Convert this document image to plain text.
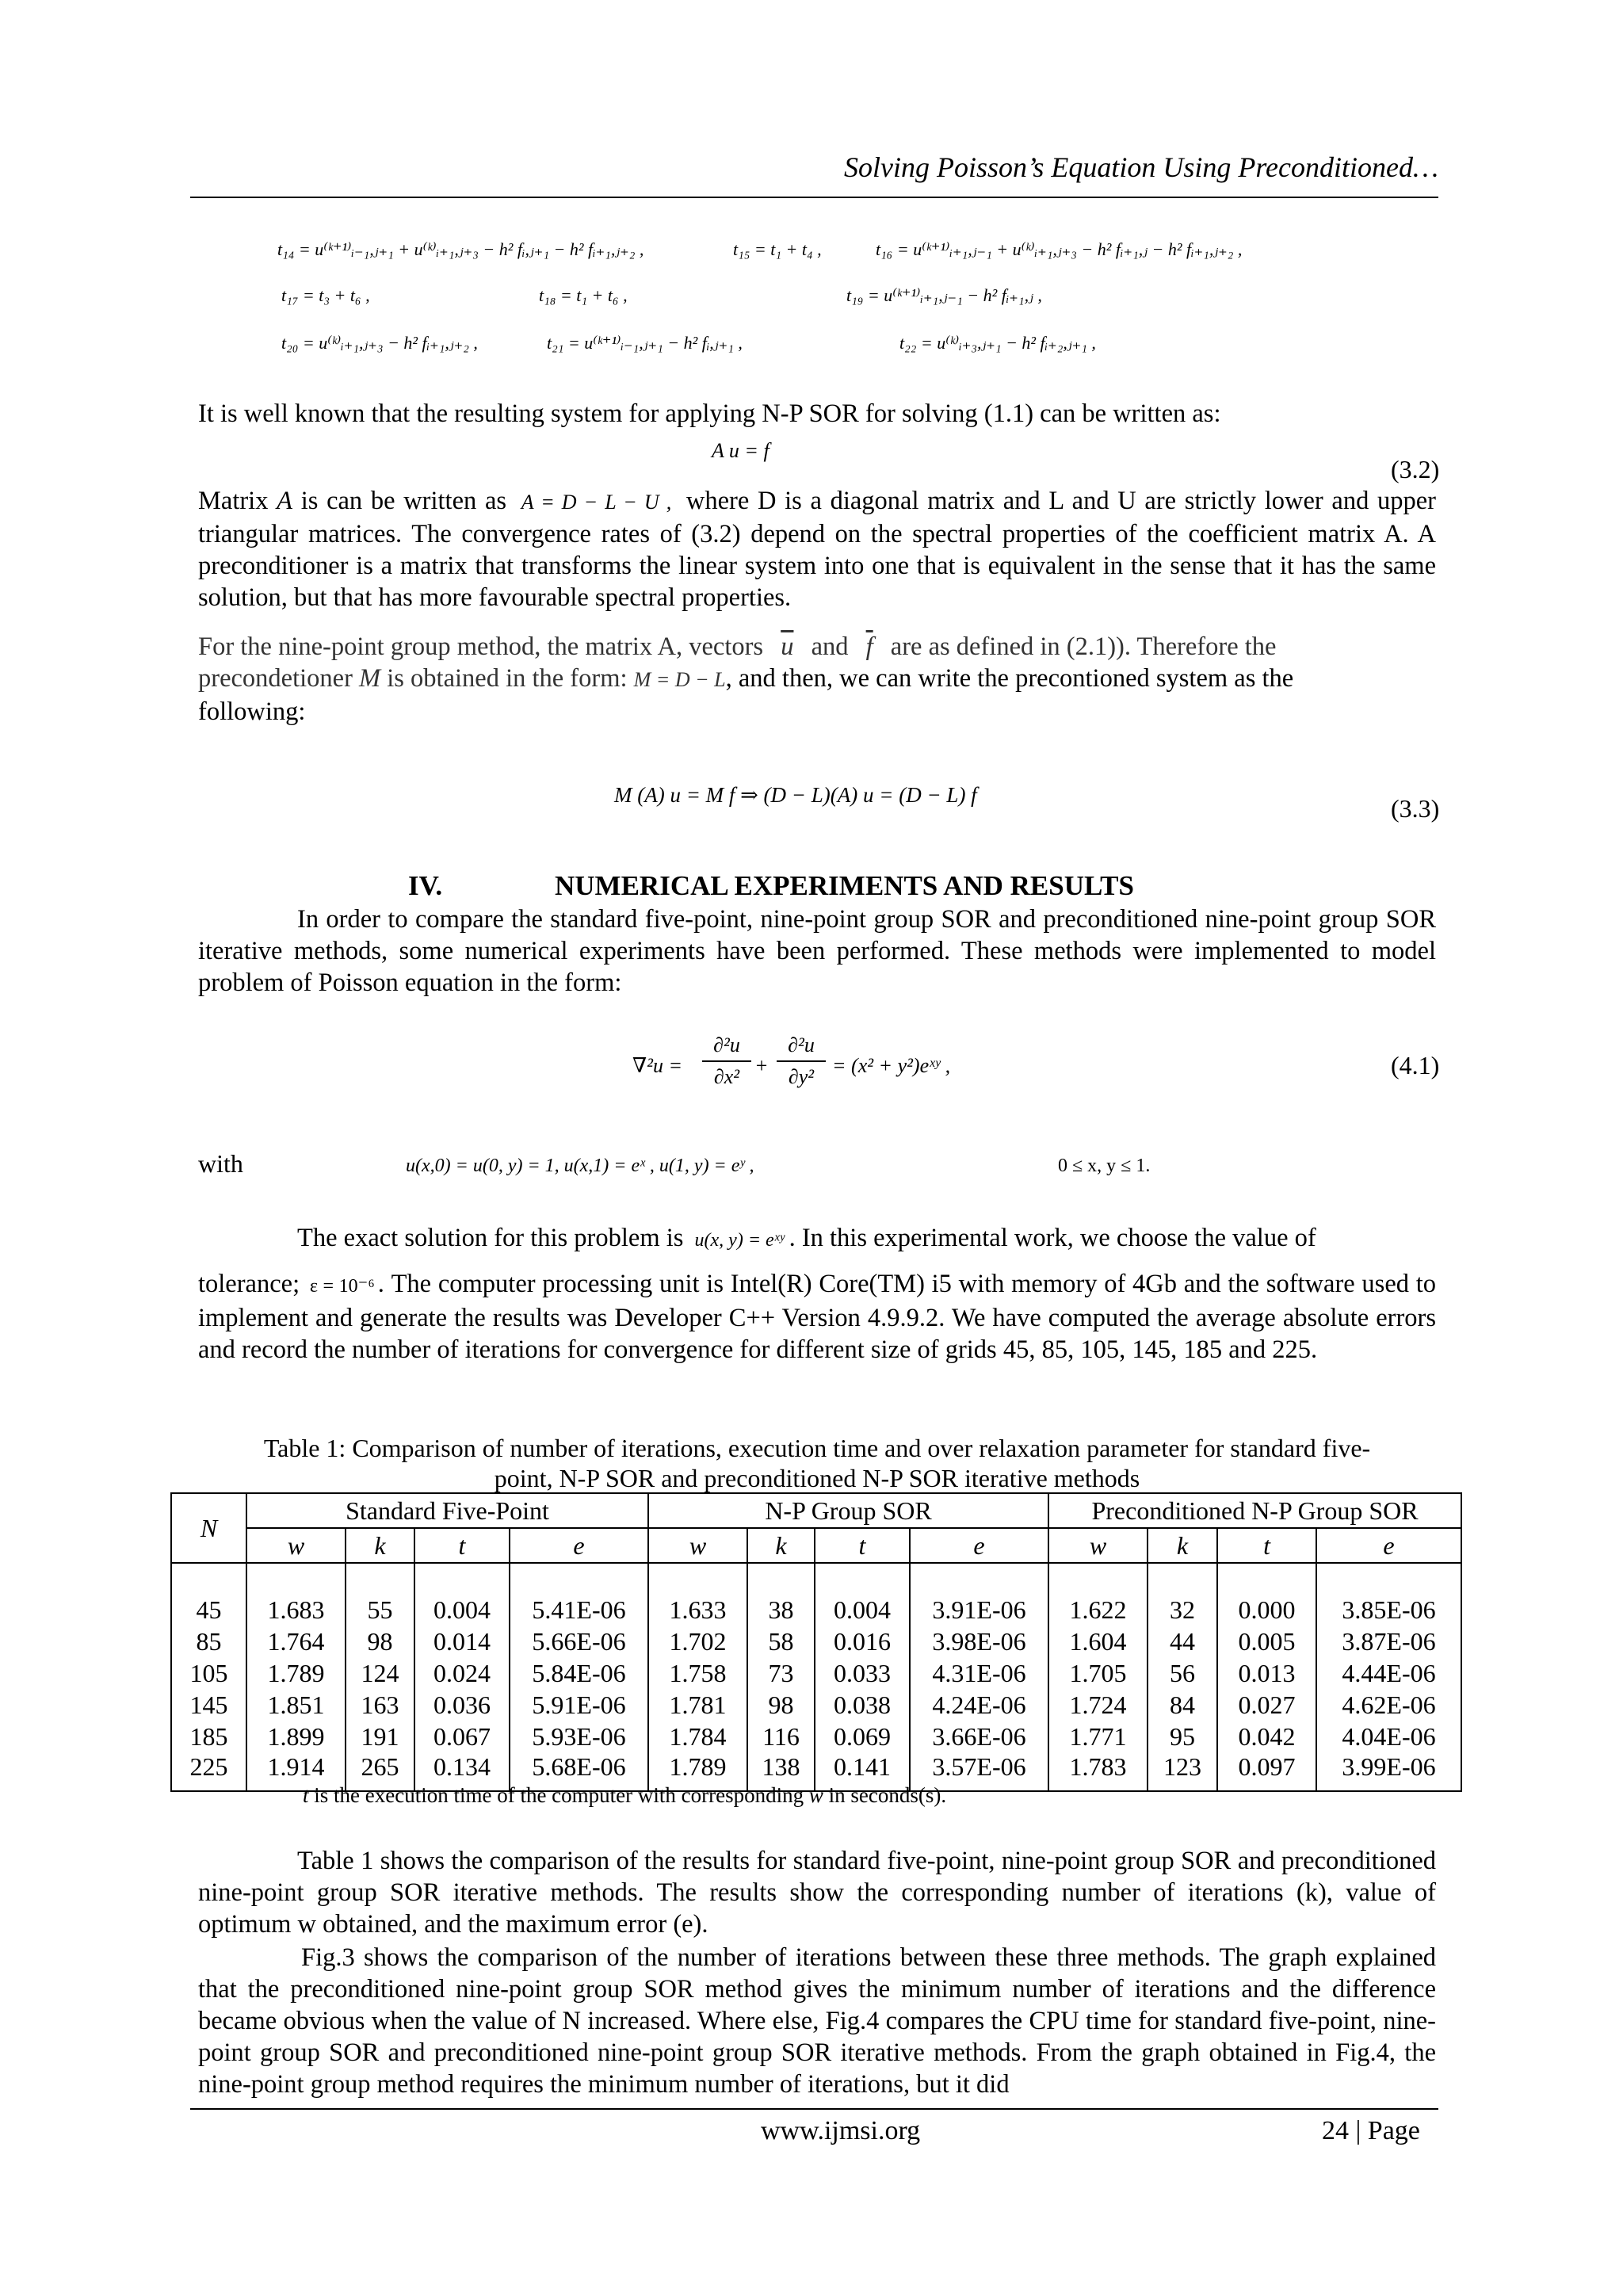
Solving Poisson’s Equation Using Preconditioned…
t₁₄ = u⁽ᵏ⁺¹⁾ᵢ₋₁,ⱼ₊₁ + u⁽ᵏ⁾ᵢ₊₁,ⱼ₊₃ − h² fᵢ,ⱼ₊₁ − h² fᵢ₊₁,ⱼ₊₂ ,	t₁₅ = t₁ + t₄ ,	t₁₆ = u⁽ᵏ⁺¹⁾ᵢ₊₁,ⱼ₋₁ + u⁽ᵏ⁾ᵢ₊₁,ⱼ₊₃ − h² fᵢ₊₁,ⱼ − h² fᵢ₊₁,ⱼ₊₂ ,
t₁₇ = t₃ + t₆ ,	t₁₈ = t₁ + t₆ ,	t₁₉ = u⁽ᵏ⁺¹⁾ᵢ₊₁,ⱼ₋₁ − h² fᵢ₊₁,ⱼ ,
t₂₀ = u⁽ᵏ⁾ᵢ₊₁,ⱼ₊₃ − h² fᵢ₊₁,ⱼ₊₂ ,	t₂₁ = u⁽ᵏ⁺¹⁾ᵢ₋₁,ⱼ₊₁ − h² fᵢ,ⱼ₊₁ ,	t₂₂ = u⁽ᵏ⁾ᵢ₊₃,ⱼ₊₁ − h² fᵢ₊₂,ⱼ₊₁ ,
It is well known that the resulting system for applying N-P SOR for solving (1.1) can be written as:
A u = f
(3.2)
Matrix A is can be written as A = D − L − U , where D is a diagonal matrix and L and U are strictly lower and upper triangular matrices. The convergence rates of (3.2) depend on the spectral properties of the coefficient matrix A. A preconditioner is a matrix that transforms the linear system into one that is equivalent in the sense that it has the same solution, but that has more favourable spectral properties.
For the nine-point group method, the matrix A, vectors $\overline{u}$ and $\overline{f}$ are as defined in (2.1)). Therefore the
precondetioner M is obtained in the form: M = D − L, and then, we can write the precontioned system as the
following:
M (A) u = M f ⇒ (D − L)(A) u = (D − L) f	(3.3)
IV.	NUMERICAL EXPERIMENTS AND RESULTS
In order to compare the standard five-point, nine-point group SOR and preconditioned nine-point group SOR iterative methods, some numerical experiments have been performed. These methods were implemented to model problem of Poisson equation in the form:
$\nabla^2u = \frac{\text{∂²u}}{\text{∂x²}} + \frac{\text{∂²u}}{\text{∂y²}} = (x^2$ + y²)eˣʸ ,	(4.1)
with	u(x,0) = u(0, y) = 1, u(x,1) = eˣ , u(1, y) = eʸ ,	0 ≤ x, y ≤ 1.
The exact solution for this problem is u(x, y) = eˣʸ . In this experimental work, we choose the value of
tolerance; ε = 10⁻⁶ . The computer processing unit is Intel(R) Core(TM) i5 with memory of 4Gb and the software used to implement and generate the results was Developer C++ Version 4.9.9.2. We have computed the average absolute errors and record the number of iterations for convergence for different size of grids 45, 85, 105, 145, 185 and 225.
Table 1: Comparison of number of iterations, execution time and over relaxation parameter for standard five-
point, N-P SOR and preconditioned N-P SOR iterative methods
N	Standard Five-Point				N-P Group SOR				Preconditioned N-P Group SOR			
	w	k	t	e	w	k	t	e	w	k	t	e

45	1.683	55	0.004	5.41E-06	1.633	38	0.004	3.91E-06	1.622	32	0.000	3.85E-06
85	1.764	98	0.014	5.66E-06	1.702	58	0.016	3.98E-06	1.604	44	0.005	3.87E-06
105	1.789	124	0.024	5.84E-06	1.758	73	0.033	4.31E-06	1.705	56	0.013	4.44E-06
145	1.851	163	0.036	5.91E-06	1.781	98	0.038	4.24E-06	1.724	84	0.027	4.62E-06
185	1.899	191	0.067	5.93E-06	1.784	116	0.069	3.66E-06	1.771	95	0.042	4.04E-06
225	1.914	265	0.134	5.68E-06	1.789	138	0.141	3.57E-06	1.783	123	0.097	3.99E-06
t is the execution time of the computer with corresponding w in seconds(s).
Table 1 shows the comparison of the results for standard five-point, nine-point group SOR and preconditioned nine-point group SOR iterative methods. The results show the corresponding number of iterations (k), value of optimum w obtained, and the maximum error (e).
Fig.3 shows the comparison of the number of iterations between these three methods. The graph explained that the preconditioned nine-point group SOR method gives the minimum number of iterations and the difference became obvious when the value of N increased. Where else, Fig.4 compares the CPU time for standard five-point, nine-point group SOR and preconditioned nine-point group SOR iterative methods. From the graph obtained in Fig.4, the nine-point group method requires the minimum number of iterations, but it did
www.ijmsi.org	24 | Page
